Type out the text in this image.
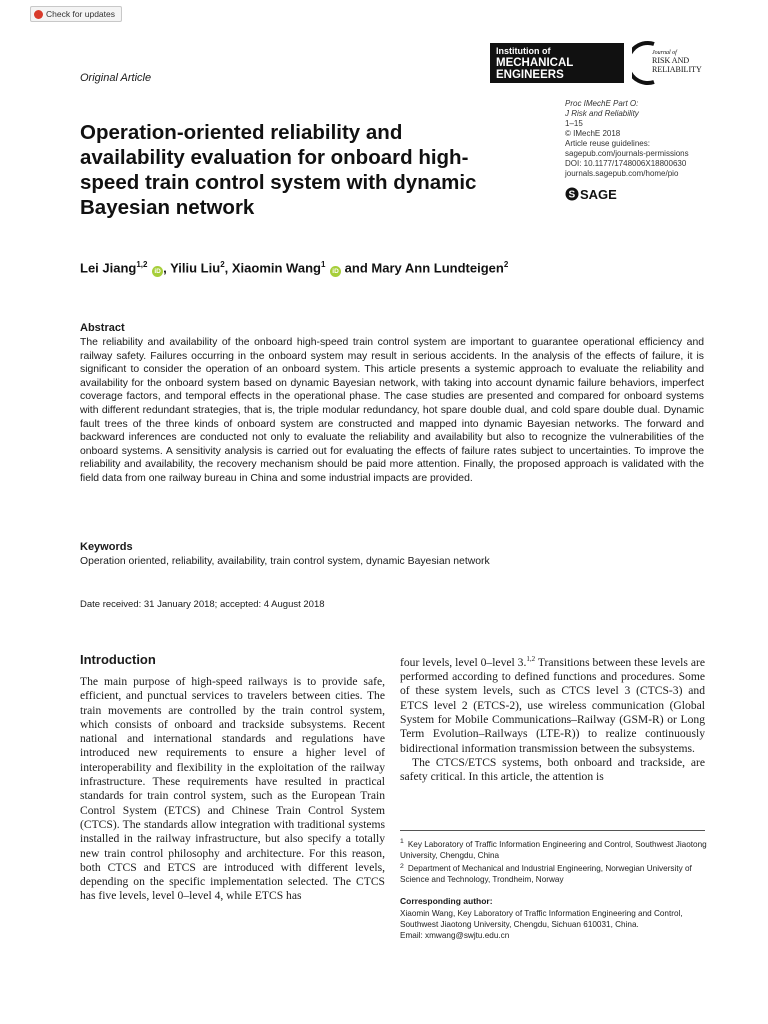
Check for updates
Original Article
Institution of
MECHANICAL
ENGINEERS
Journal of
RISK AND
RELIABILITY
Proc IMechE Part O:
J Risk and Reliability
1–15
© IMechE 2018
Article reuse guidelines:
sagepub.com/journals-permissions
DOI: 10.1177/1748006X18800630
journals.sagepub.com/home/pio
S SAGE
Operation-oriented reliability and availability evaluation for onboard high-speed train control system with dynamic Bayesian network
Lei Jiang$^{1,2}$ iD , Yiliu Liu$^2$, Xiaomin Wang$^1$ iD and Mary Ann Lundteigen$^2$
Abstract
The reliability and availability of the onboard high-speed train control system are important to guarantee operational efficiency and railway safety. Failures occurring in the onboard system may result in serious accidents. In the analysis of the effects of failure, it is significant to consider the operation of an onboard system. This article presents a systemic approach to evaluate the reliability and availability for the onboard system based on dynamic Bayesian network, with taking into account dynamic failure behaviors, imperfect coverage factors, and temporal effects in the operational phase. The case studies are presented and compared for onboard systems with different redundant strategies, that is, the triple modular redundancy, hot spare double dual, and cold spare double dual. Dynamic fault trees of the three kinds of onboard system are constructed and mapped into dynamic Bayesian networks. The forward and backward inferences are conducted not only to evaluate the reliability and availability but also to recognize the vulnerabilities of the onboard systems. A sensitivity analysis is carried out for evaluating the effects of failure rates subject to uncertainties. To improve the reliability and availability, the recovery mechanism should be paid more attention. Finally, the proposed approach is validated with the field data from one railway bureau in China and some industrial impacts are provided.
Keywords
Operation oriented, reliability, availability, train control system, dynamic Bayesian network
Date received: 31 January 2018; accepted: 4 August 2018
Introduction
The main purpose of high-speed railways is to provide safe, efficient, and punctual services to travelers between cities. The train movements are controlled by the train control system, which consists of onboard and trackside subsystems. Recent national and international standards and regulations have introduced new requirements to ensure a higher level of interoperability and flexibility in the exploitation of the railway infrastructure. These requirements have resulted in practical standards for train control system, such as the European Train Control System (ETCS) and Chinese Train Control System (CTCS). The standards allow integration with traditional systems installed in the railway infrastructure, but also specify a totally new train control philosophy and architecture. For this reason, both CTCS and ETCS are introduced with different levels, depending on the specific implementation selected. The CTCS has five levels, level 0–level 4, while ETCS has

four levels, level 0–level 3.$^{1,2}$ Transitions between these levels are performed according to defined functions and procedures. Some of these system levels, such as CTCS level 3 (CTCS-3) and ETCS level 2 (ETCS-2), use wireless communication (Global System for Mobile Communications–Railway (GSM-R) or Long Term Evolution–Railways (LTE-R)) to realize continuously bidirectional information transmission between the subsystems.

The CTCS/ETCS systems, both onboard and trackside, are safety critical. In this article, the attention is

$^1$ Key Laboratory of Traffic Information Engineering and Control, Southwest Jiaotong University, Chengdu, China
$^2$ Department of Mechanical and Industrial Engineering, Norwegian University of Science and Technology, Trondheim, Norway
Corresponding author:
Xiaomin Wang, Key Laboratory of Traffic Information Engineering and Control, Southwest Jiaotong University, Chengdu, Sichuan 610031, China.
Email: xmwang@swjtu.edu.cn
